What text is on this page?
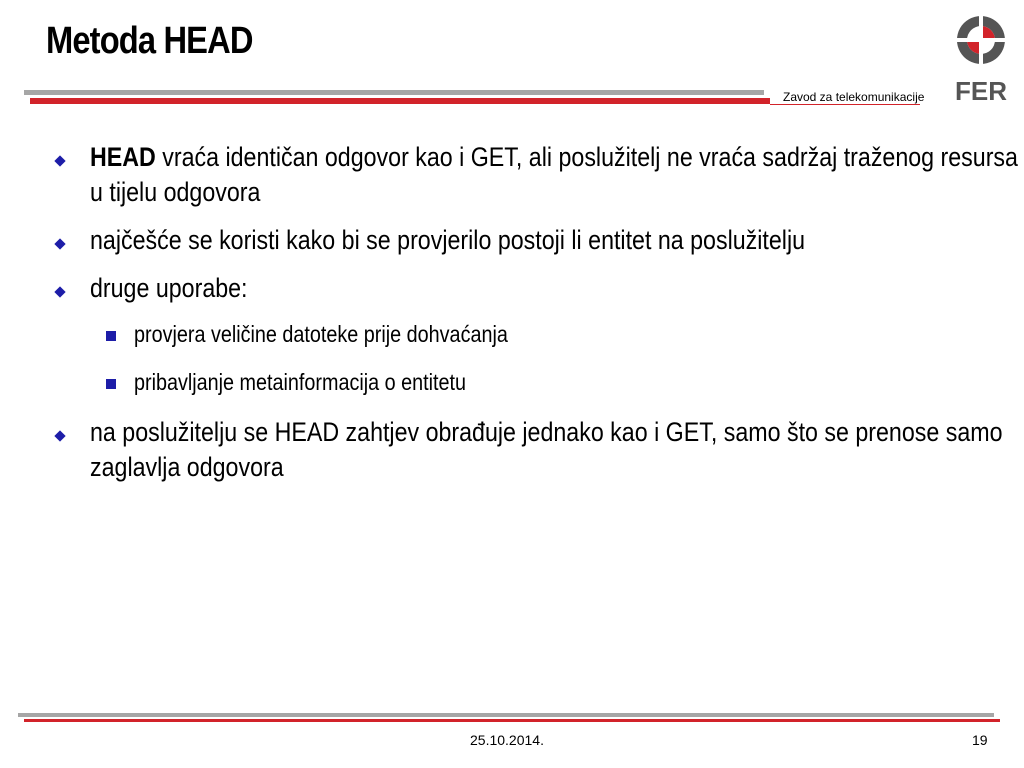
Metoda HEAD
Zavod za telekomunikacije FER
HEAD vraća identičan odgovor kao i GET, ali poslužitelj ne vraća sadržaj traženog resursa u tijelu odgovora
najčešće se koristi kako bi se provjerilo postoji li entitet na poslužitelju
druge uporabe:
provjera veličine datoteke prije dohvaćanja
pribavljanje metainformacija o entitetu
na poslužitelju se HEAD zahtjev obrađuje jednako kao i GET, samo što se prenose samo zaglavlja odgovora
25.10.2014.	19
